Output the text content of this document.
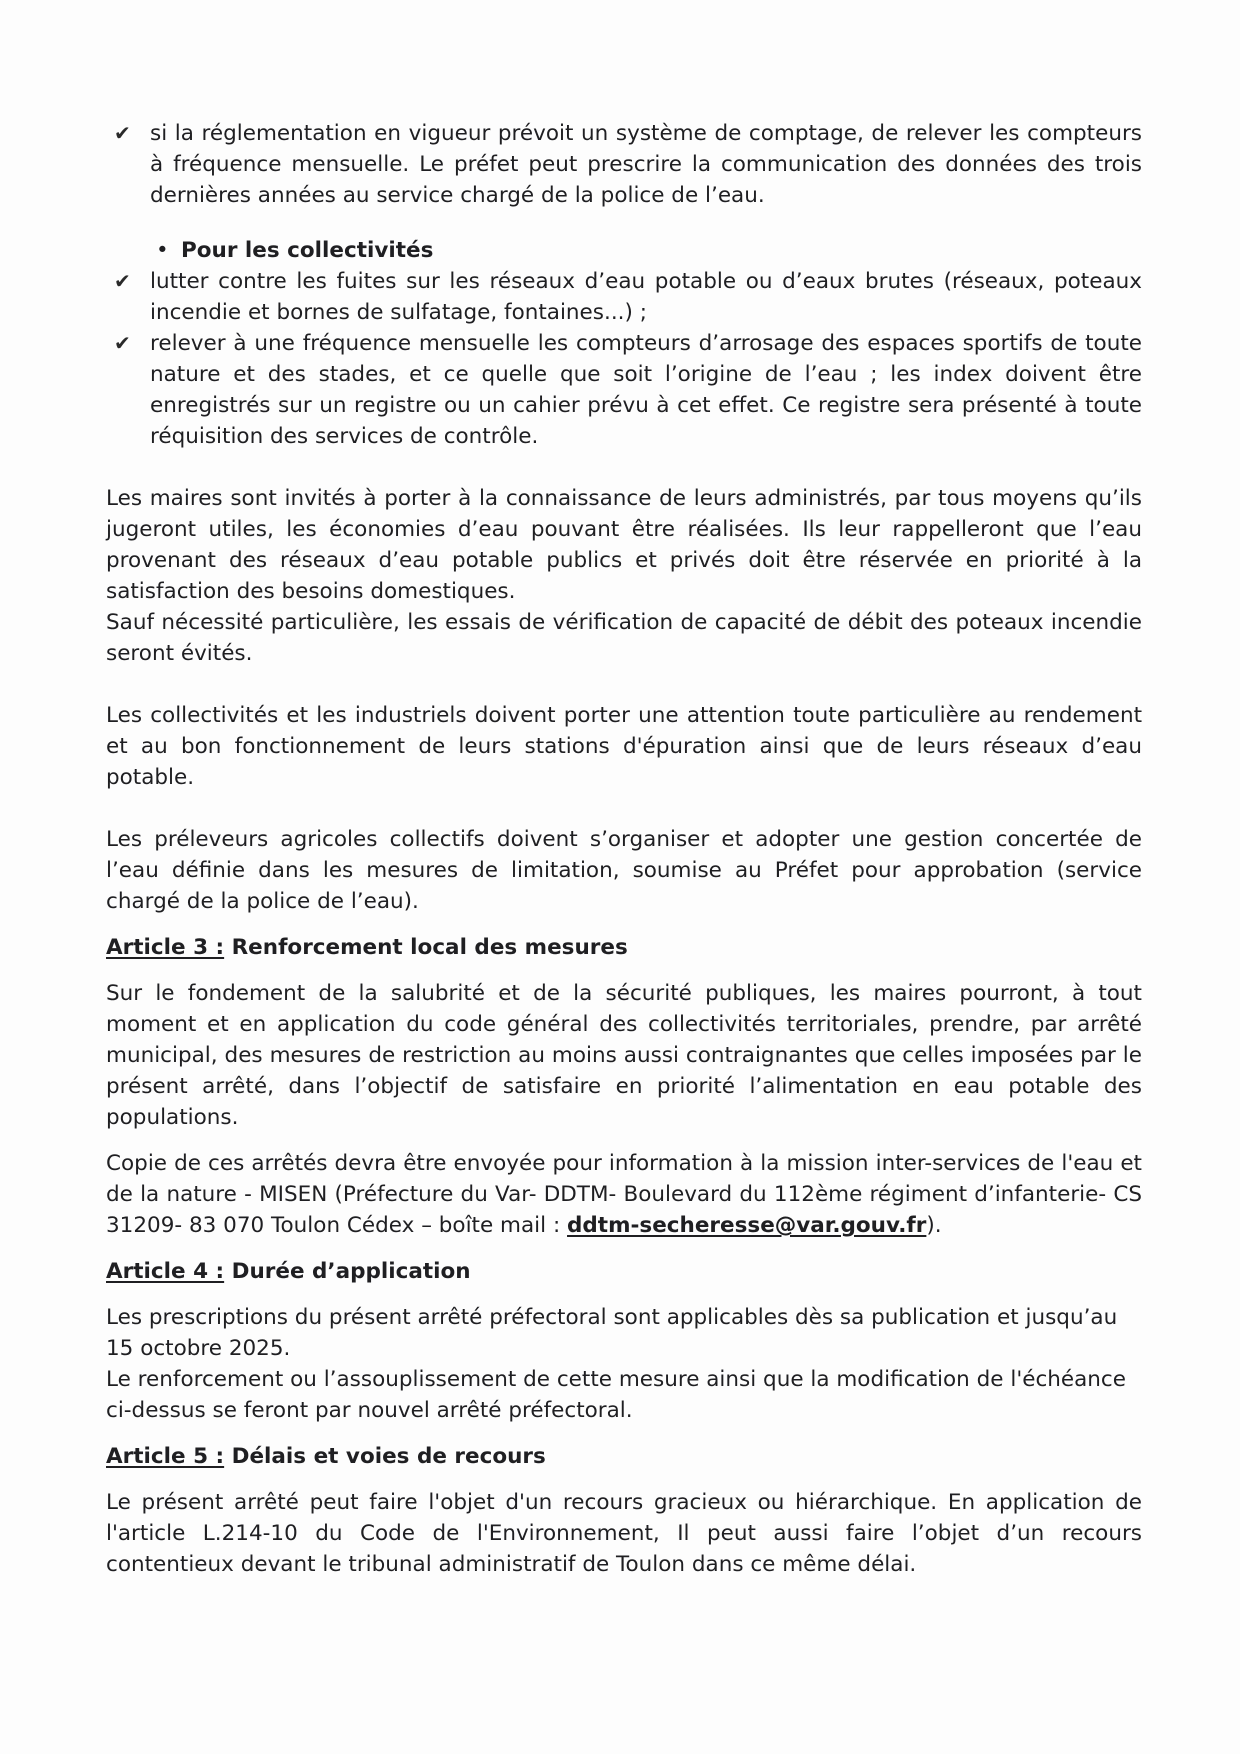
✔ si la réglementation en vigueur prévoit un système de comptage, de relever les compteurs à fréquence mensuelle. Le préfet peut prescrire la communication des données des trois dernières années au service chargé de la police de l’eau.
• Pour les collectivités
✔ lutter contre les fuites sur les réseaux d’eau potable ou d’eaux brutes (réseaux, poteaux incendie et bornes de sulfatage, fontaines...) ;
✔ relever à une fréquence mensuelle les compteurs d’arrosage des espaces sportifs de toute nature et des stades, et ce quelle que soit l’origine de l’eau ; les index doivent être enregistrés sur un registre ou un cahier prévu à cet effet. Ce registre sera présenté à toute réquisition des services de contrôle.

Les maires sont invités à porter à la connaissance de leurs administrés, par tous moyens qu’ils jugeront utiles, les économies d’eau pouvant être réalisées. Ils leur rappelleront que l’eau provenant des réseaux d’eau potable publics et privés doit être réservée en priorité à la satisfaction des besoins domestiques.

Sauf nécessité particulière, les essais de vérification de capacité de débit des poteaux incendie seront évités.

Les collectivités et les industriels doivent porter une attention toute particulière au rendement et au bon fonctionnement de leurs stations d'épuration ainsi que de leurs réseaux d’eau potable.

Les préleveurs agricoles collectifs doivent s’organiser et adopter une gestion concertée de l’eau définie dans les mesures de limitation, soumise au Préfet pour approbation (service chargé de la police de l’eau).

Article 3 : Renforcement local des mesures

Sur le fondement de la salubrité et de la sécurité publiques, les maires pourront, à tout moment et en application du code général des collectivités territoriales, prendre, par arrêté municipal, des mesures de restriction au moins aussi contraignantes que celles imposées par le présent arrêté, dans l’objectif de satisfaire en priorité l’alimentation en eau potable des populations.

Copie de ces arrêtés devra être envoyée pour information à la mission inter-services de l'eau et de la nature - MISEN (Préfecture du Var- DDTM- Boulevard du 112ème régiment d’infanterie- CS 31209- 83 070 Toulon Cédex – boîte mail : ddtm-secheresse@var.gouv.fr).

Article 4 : Durée d’application

Les prescriptions du présent arrêté préfectoral sont applicables dès sa publication et jusqu’au 15 octobre 2025.

Le renforcement ou l’assouplissement de cette mesure ainsi que la modification de l'échéance ci-dessus se feront par nouvel arrêté préfectoral.

Article 5 : Délais et voies de recours

Le présent arrêté peut faire l'objet d'un recours gracieux ou hiérarchique. En application de l'article L.214-10 du Code de l'Environnement, Il peut aussi faire l’objet d’un recours contentieux devant le tribunal administratif de Toulon dans ce même délai.
